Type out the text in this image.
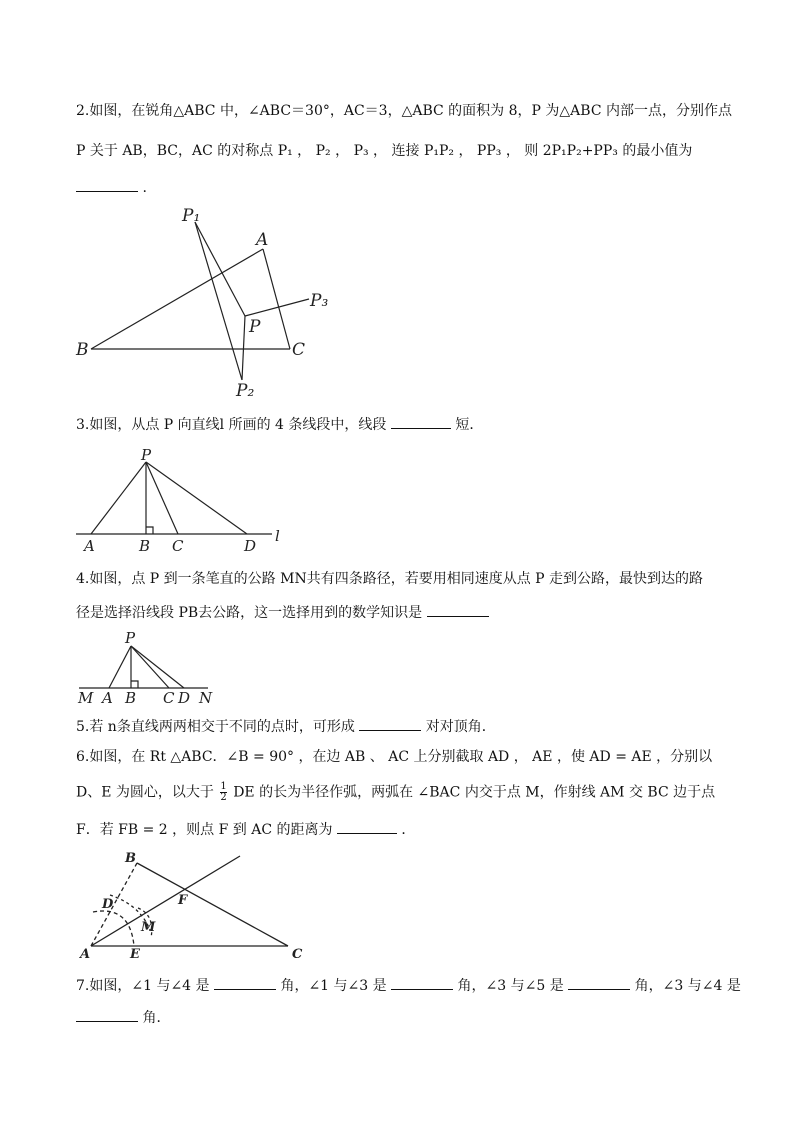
2.如图，在锐角△ABC 中，∠ABC＝30°，AC＝3，△ABC 的面积为 8，P 为△ABC 内部一点，分别作点
P 关于 AB，BC，AC 的对称点 P₁ ， P₂ ， P₃ ， 连接 P₁P₂ ， PP₃ ， 则 2P₁P₂+PP₃ 的最小值为
.
P₁
A
P₃
P
B	C
P₂
3.如图，从点 P 向直线l 所画的 4 条线段中，线段	短．
P
A	B C	D
l
4.如图，点 P 到一条笔直的公路 MN共有四条路径，若要用相同速度从点 P 走到公路，最快到达的路
径是选择沿线段 PB去公路，这一选择用到的数学知识是
P
M A B C D N
5.若 n条直线两两相交于不同的点时，可形成	对对顶角．
6.如图，在 Rt △ABC．∠B = 90° ，在边 AB 、 AC 上分别截取 AD ， AE ，使 AD = AE ，分别以
D、E 为圆心，以大于 $\frac{1}{2}$ DE 的长为半径作弧，两弧在 ∠BAC 内交于点 M，作射线 AM 交 BC 边于点
F．若 FB = 2 ，则点 F 到 AC 的距离为	．
B
D	F
M
A	E	C
7.如图，∠1 与∠4 是	角，∠1 与∠3 是	角，∠3 与∠5 是	角，∠3 与∠4 是
角．
